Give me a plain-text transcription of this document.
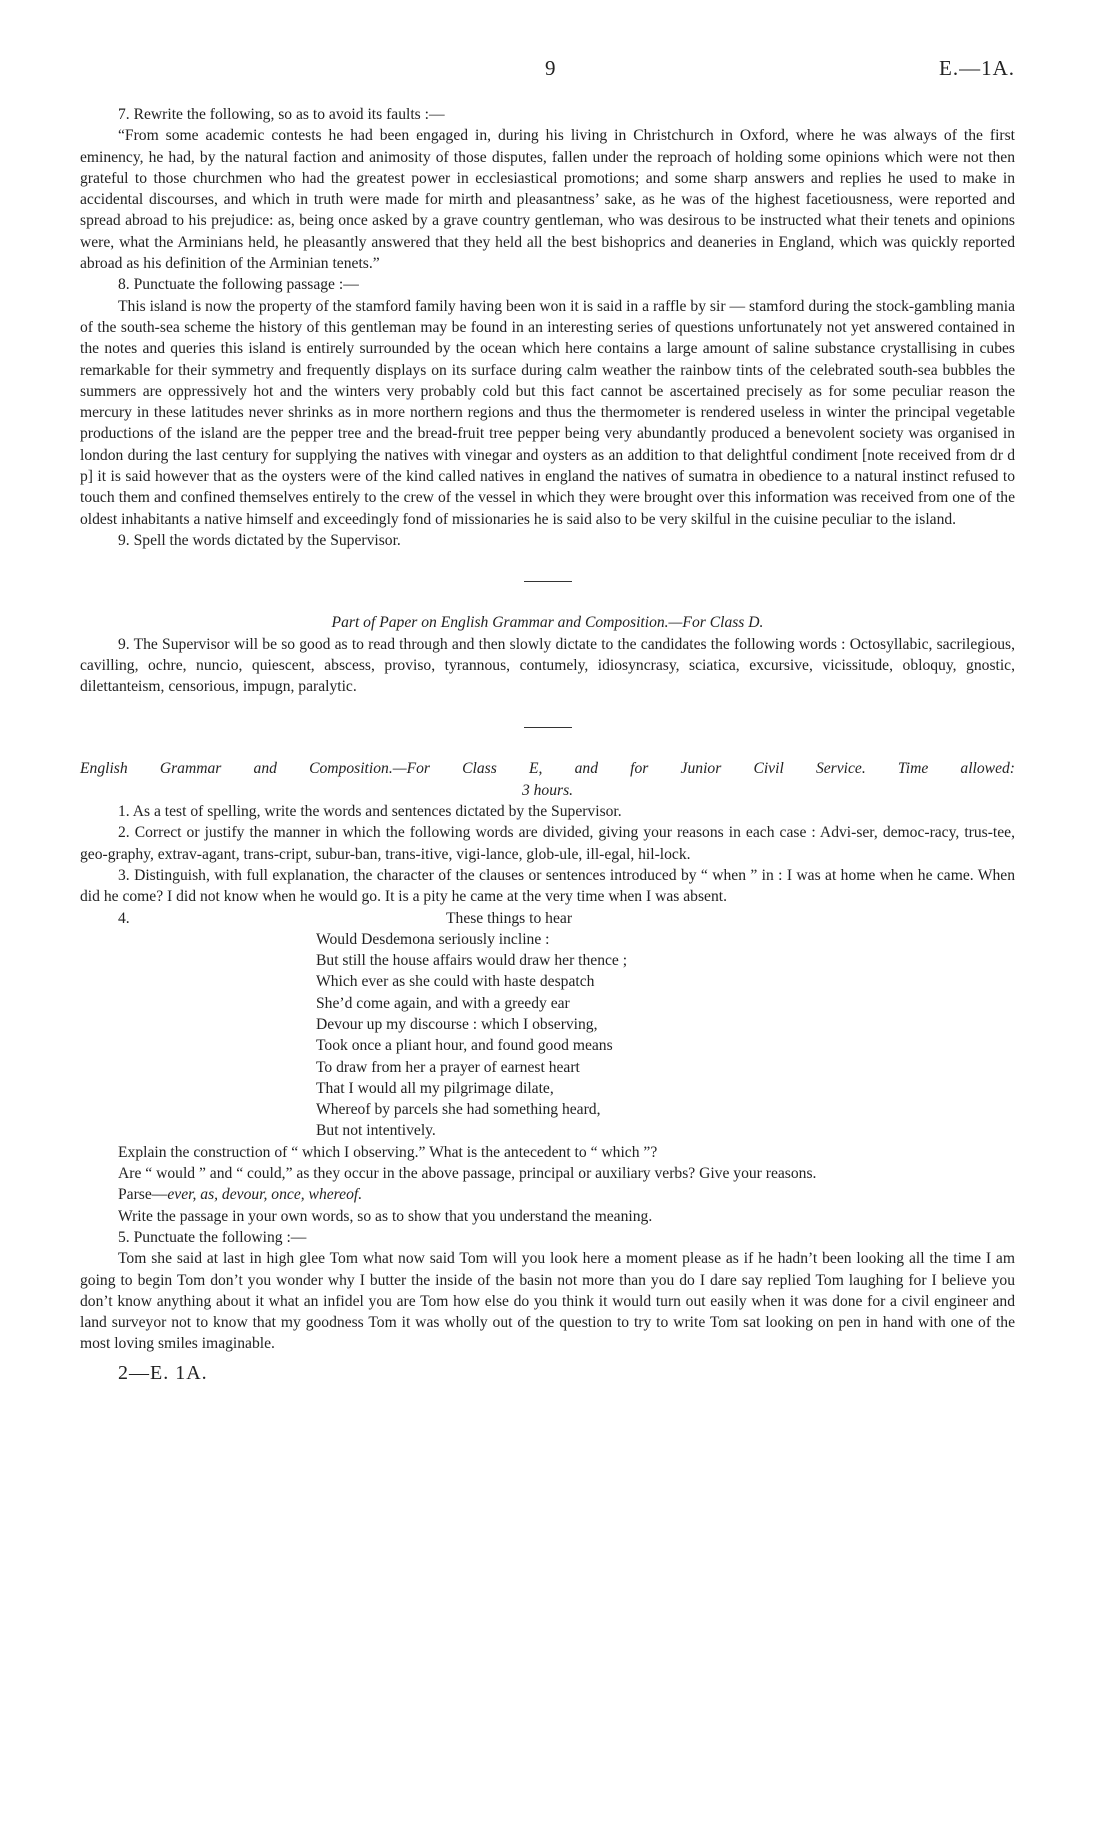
9	E.—1A.

7. Rewrite the following, so as to avoid its faults :—

“From some academic contests he had been engaged in, during his living in Christchurch in Oxford, where he was always of the first eminency, he had, by the natural faction and animosity of those disputes, fallen under the reproach of holding some opinions which were not then grateful to those churchmen who had the greatest power in ecclesiastical promotions; and some sharp answers and replies he used to make in accidental discourses, and which in truth were made for mirth and pleasantness’ sake, as he was of the highest facetiousness, were reported and spread abroad to his prejudice: as, being once asked by a grave country gentleman, who was desirous to be instructed what their tenets and opinions were, what the Arminians held, he pleasantly answered that they held all the best bishoprics and deaneries in England, which was quickly reported abroad as his definition of the Arminian tenets.”

8. Punctuate the following passage :—

This island is now the property of the stamford family having been won it is said in a raffle by sir — stamford during the stock-gambling mania of the south-sea scheme the history of this gentleman may be found in an interesting series of questions unfortunately not yet answered contained in the notes and queries this island is entirely surrounded by the ocean which here contains a large amount of saline substance crystallising in cubes remarkable for their symmetry and frequently displays on its surface during calm weather the rainbow tints of the celebrated south-sea bubbles the summers are oppressively hot and the winters very probably cold but this fact cannot be ascertained precisely as for some peculiar reason the mercury in these latitudes never shrinks as in more northern regions and thus the thermometer is rendered useless in winter the principal vegetable productions of the island are the pepper tree and the bread-fruit tree pepper being very abundantly produced a benevolent society was organised in london during the last century for supplying the natives with vinegar and oysters as an addition to that delightful condiment [note received from dr d p] it is said however that as the oysters were of the kind called natives in england the natives of sumatra in obedience to a natural instinct refused to touch them and confined themselves entirely to the crew of the vessel in which they were brought over this information was received from one of the oldest inhabitants a native himself and exceedingly fond of missionaries he is said also to be very skilful in the cuisine peculiar to the island.

9. Spell the words dictated by the Supervisor.

Part of Paper on English Grammar and Composition.—For Class D.

9. The Supervisor will be so good as to read through and then slowly dictate to the candidates the following words : Octosyllabic, sacrilegious, cavilling, ochre, nuncio, quiescent, abscess, proviso, tyrannous, contumely, idiosyncrasy, sciatica, excursive, vicissitude, obloquy, gnostic, dilettanteism, censorious, impugn, paralytic.

English Grammar and Composition.—For Class E, and for Junior Civil Service. Time allowed:

3 hours.

1. As a test of spelling, write the words and sentences dictated by the Supervisor.

2. Correct or justify the manner in which the following words are divided, giving your reasons in each case : Advi-ser, democ-racy, trus-tee, geo-graphy, extrav-agant, trans-cript, subur-ban, trans-itive, vigi-lance, glob-ule, ill-egal, hil-lock.

3. Distinguish, with full explanation, the character of the clauses or sentences introduced by “ when ” in : I was at home when he came. When did he come? I did not know when he would go. It is a pity he came at the very time when I was absent.

4.	These things to hear
Would Desdemona seriously incline :
But still the house affairs would draw her thence ;
Which ever as she could with haste despatch
She’d come again, and with a greedy ear
Devour up my discourse : which I observing,
Took once a pliant hour, and found good means
To draw from her a prayer of earnest heart
That I would all my pilgrimage dilate,
Whereof by parcels she had something heard,
But not intentively.

Explain the construction of “ which I observing.” What is the antecedent to “ which ”?

Are “ would ” and “ could,” as they occur in the above passage, principal or auxiliary verbs? Give your reasons.

Parse—ever, as, devour, once, whereof.

Write the passage in your own words, so as to show that you understand the meaning.

5. Punctuate the following :—

Tom she said at last in high glee Tom what now said Tom will you look here a moment please as if he hadn’t been looking all the time I am going to begin Tom don’t you wonder why I butter the inside of the basin not more than you do I dare say replied Tom laughing for I believe you don’t know anything about it what an infidel you are Tom how else do you think it would turn out easily when it was done for a civil engineer and land surveyor not to know that my goodness Tom it was wholly out of the question to try to write Tom sat looking on pen in hand with one of the most loving smiles imaginable.

2—E. 1A.
